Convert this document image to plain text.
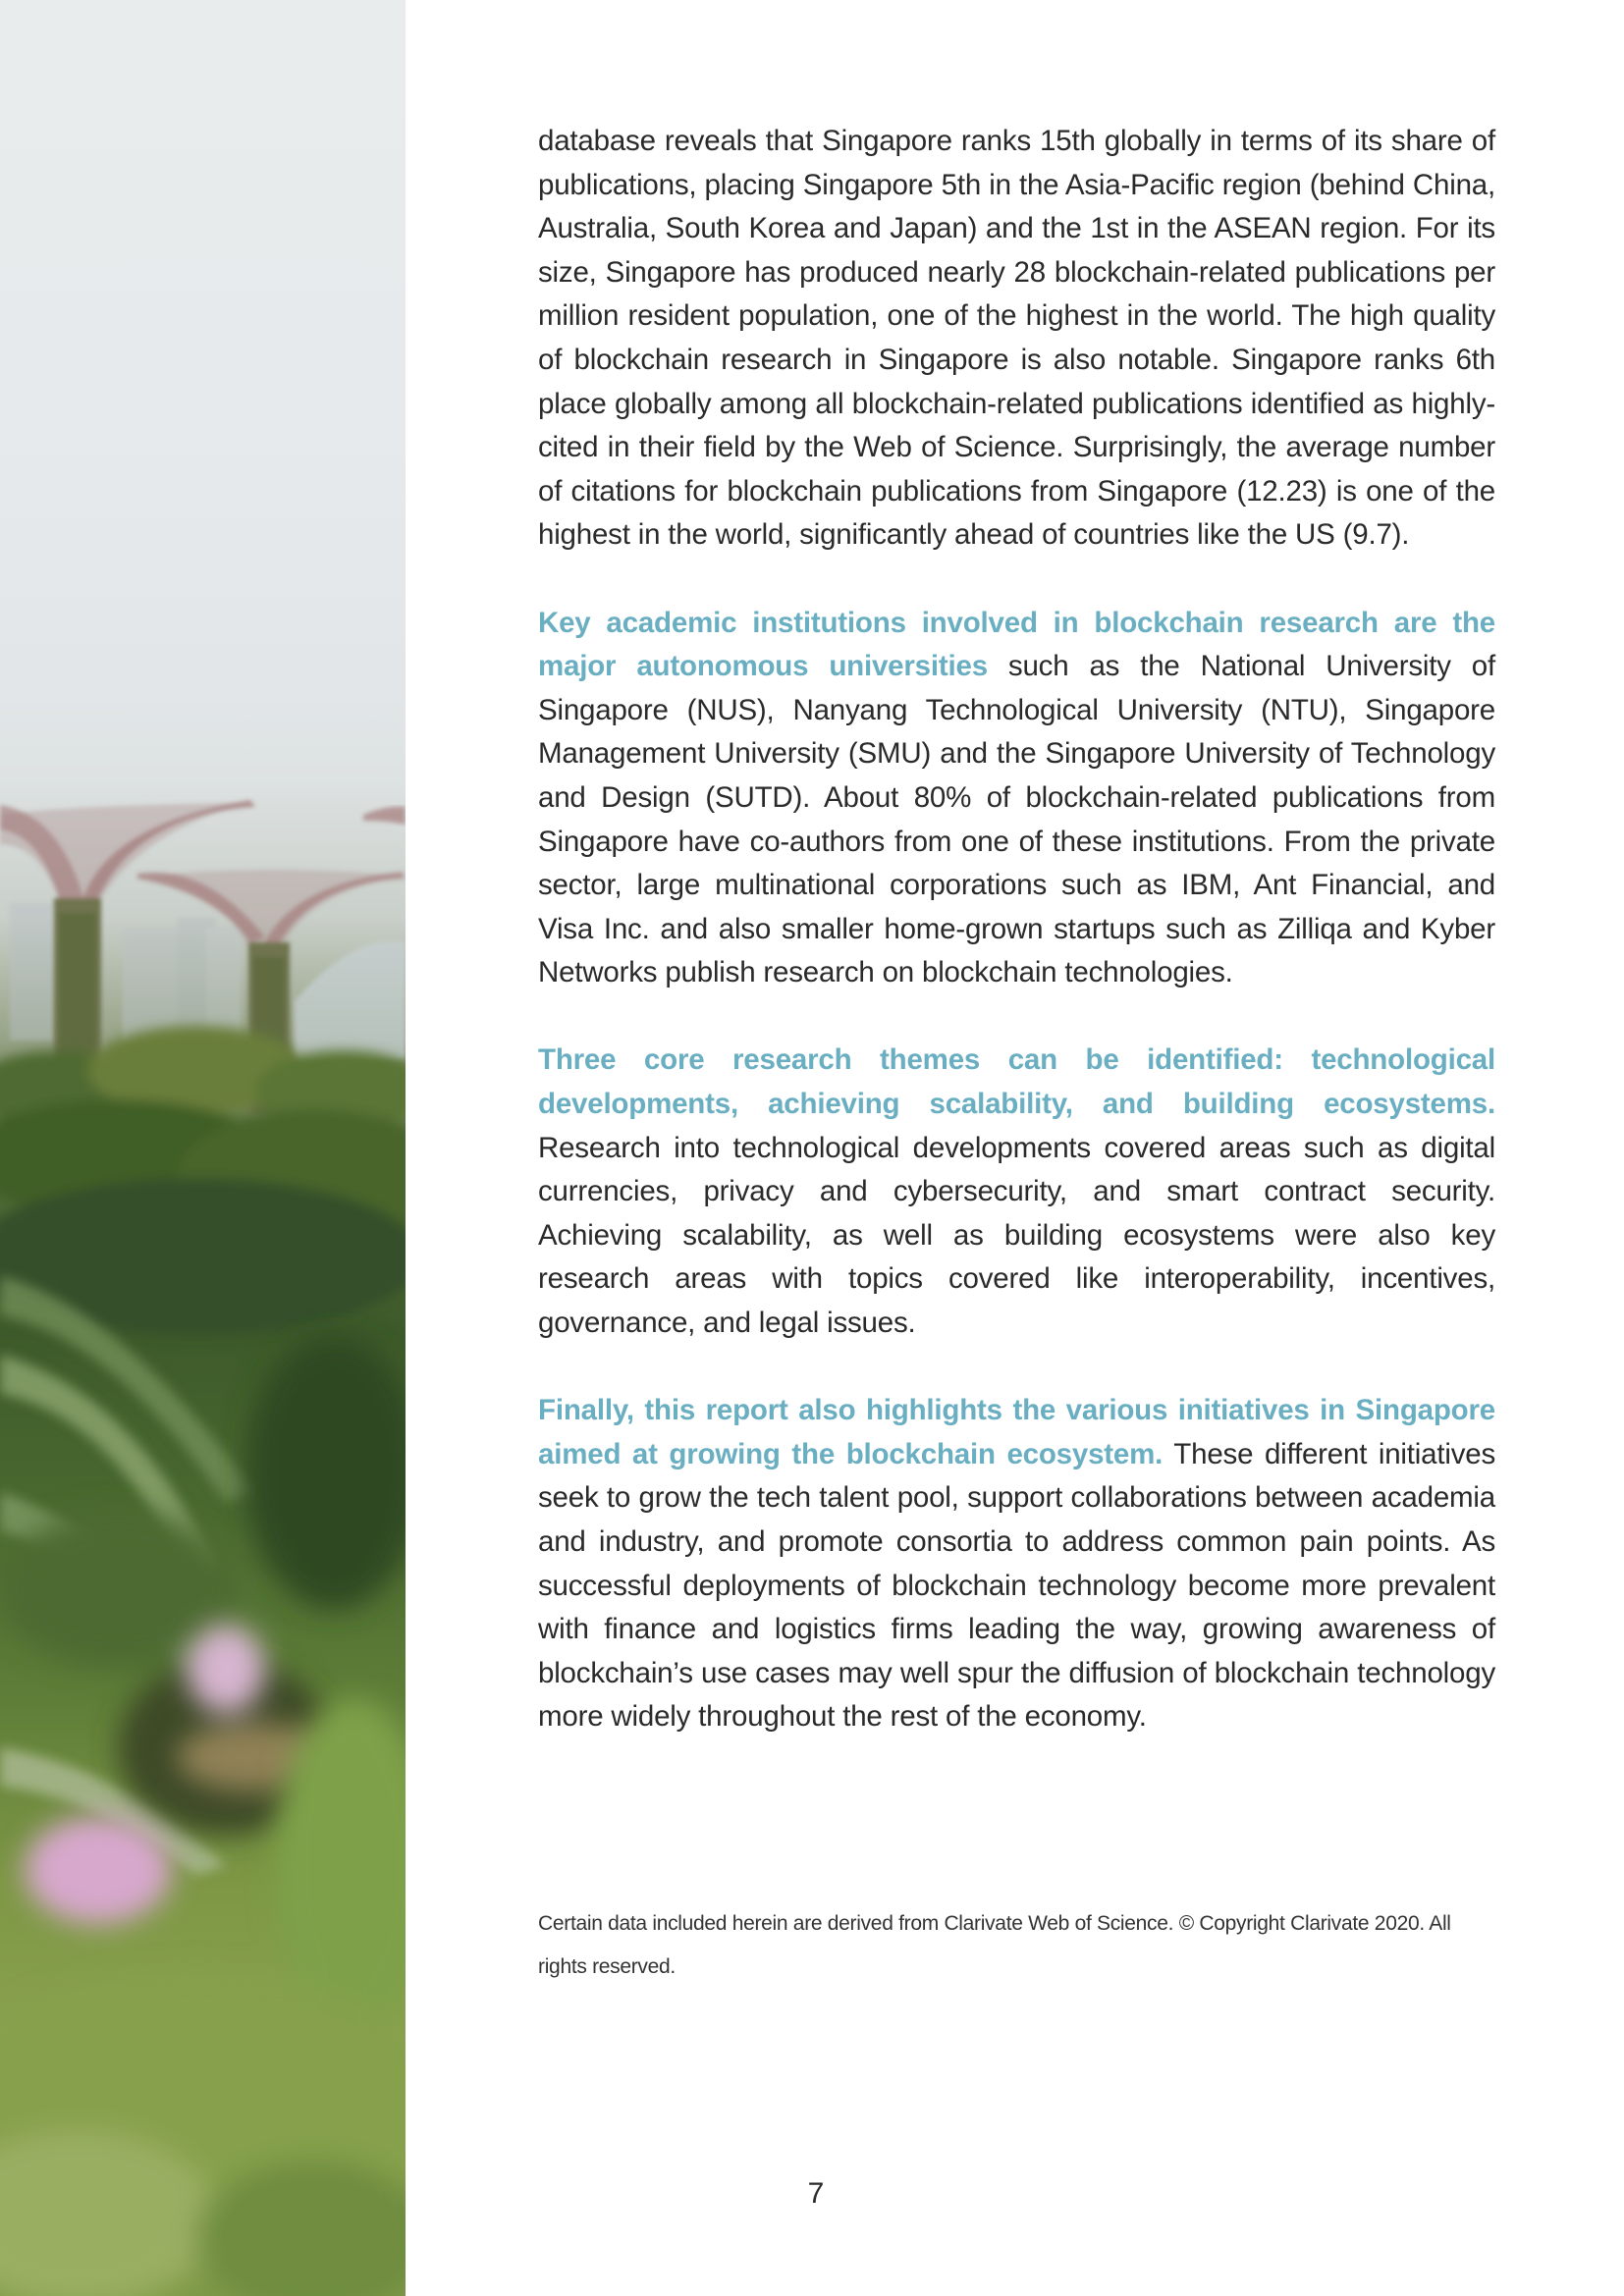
database reveals that Singapore ranks 15th globally in terms of its share of publications, placing Singapore 5th in the Asia-Pacific region (behind China, Australia, South Korea and Japan) and the 1st in the ASEAN region. For its size, Singapore has produced nearly 28 blockchain-related publications per million resident population, one of the highest in the world. The high quality of blockchain research in Singapore is also notable. Singapore ranks 6th place globally among all blockchain-related publications identified as highly-cited in their field by the Web of Science. Surprisingly, the average number of citations for blockchain publications from Singapore (12.23) is one of the highest in the world, significantly ahead of countries like the US (9.7).

Key academic institutions involved in blockchain research are the major autonomous universities such as the National University of Singapore (NUS), Nanyang Technological University (NTU), Singapore Management University (SMU) and the Singapore University of Technology and Design (SUTD). About 80% of blockchain-related publications from Singapore have co-authors from one of these institutions. From the private sector, large multinational corporations such as IBM, Ant Financial, and Visa Inc. and also smaller home-grown startups such as Zilliqa and Kyber Networks publish research on blockchain technologies.

Three core research themes can be identified: technological developments, achieving scalability, and building ecosystems. Research into technological developments covered areas such as digital currencies, privacy and cybersecurity, and smart contract security. Achieving scalability, as well as building ecosystems were also key research areas with topics covered like interoperability, incentives, governance, and legal issues.

Finally, this report also highlights the various initiatives in Singapore aimed at growing the blockchain ecosystem. These different initiatives seek to grow the tech talent pool, support collaborations between academia and industry, and promote consortia to address common pain points. As successful deployments of blockchain technology become more prevalent with finance and logistics firms leading the way, growing awareness of blockchain’s use cases may well spur the diffusion of blockchain technology more widely throughout the rest of the economy.

Certain data included herein are derived from Clarivate Web of Science. © Copyright Clarivate 2020. All rights reserved.
7
